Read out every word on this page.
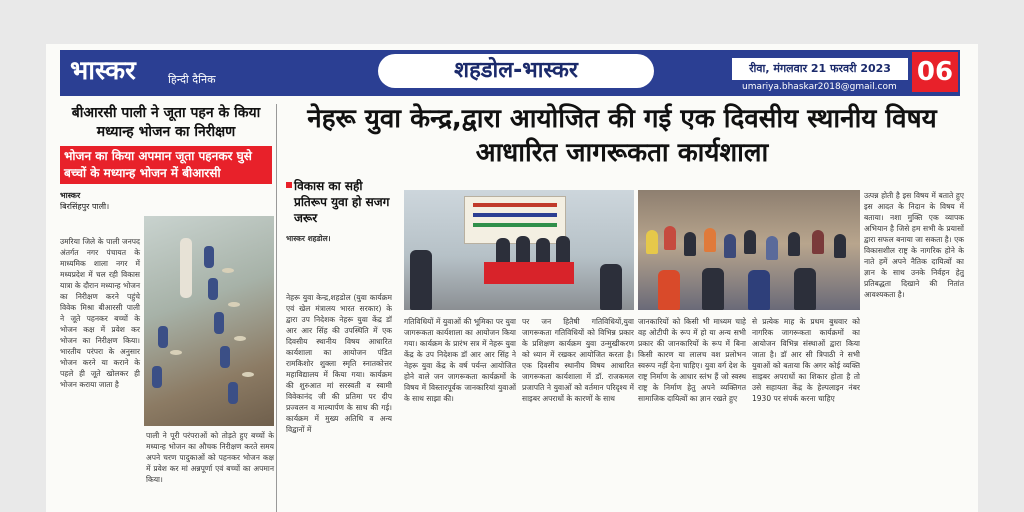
भास्कर	हिन्दी दैनिक	शहडोल-भास्कर	रीवा, मंगलवार 21 फरवरी 2023
umariya.bhaskar2018@gmail.com 06
बीआरसी पाली ने जूता पहन के किया मध्यान्ह भोजन का निरीक्षण
भोजन का किया अपमान जूता पहनकर घुसे बच्चों के मध्यान्ह भोजन में बीआरसी
भास्कर
बिरसिंहपुर पाली।
उमरिया जिले के पाली जनपद अंतर्गत नगर पंचायत के माध्यमिक शाला नगर में मध्यप्रदेश में चल रही विकास यात्रा के दौरान मध्यान्ह भोजन का निरीक्षण करने पहुंचे विवेक मिश्रा बीआरसी पाली ने जूते पहनकर बच्चों के भोजन कक्ष में प्रवेश कर भोजन का निरीक्षण किया। भारतीय परंपरा के अनुसार भोजन करने या कराने के पहले ही जूते खोलकर ही भोजन कराया जाता है
पाली ने पूरी परंपराओं को तोड़ते हुए बच्चों के मध्यान्ह भोजन का औचक निरीक्षण करते समय अपने चरण पादुकाओं को पहनकर भोजन कक्ष में प्रवेश कर मां अन्नपूर्णा एवं बच्चों का अपमान किया।
नेहरू युवा केन्द्र,द्वारा आयोजित की गई एक दिवसीय स्थानीय विषय आधारित जागरूकता कार्यशाला
विकास का सही प्रतिरूप युवा हो सजग जरूर
भास्कर शहडोल।
नेहरू युवा केन्द्र,शहडोल (युवा कार्यक्रम एवं खेल मंत्रालय भारत सरकार) के द्वारा उप निदेशक नेहरू युवा केंद्र डॉ आर आर सिंह की उपस्थिति में एक दिवसीय स्थानीय विषय आधारित कार्यशाला का आयोजन पंडित रामकिशोर शुक्ला स्मृति स्नातकोत्तर महाविद्यालय में किया गया। कार्यक्रम की शुरुआत मां सरस्वती व स्वामी विवेकानंद जी की प्रतिमा पर दीप प्रज्वलन व माल्यार्पण के साथ की गई। कार्यक्रम में मुख्य अतिथि व अन्य विद्वानों में
उत्पन्न होती है इस विषय में बताते हुए इस आदत के निदान के विषय में बताया। नशा मुक्ति एक व्यापक अभियान है जिसे हम सभी के प्रयासों द्वारा सफल बनाया जा सकता है। एक विकासशील राष्ट्र के नागरिक होने के नाते हमें अपने नैतिक दायित्वों का ज्ञान के साथ उनके निर्वहन हेतु प्रतिबद्धता दिखाने की नितांत आवश्यकता है।
गतिविधियों में युवाओं की भूमिका पर युवा जागरूकता कार्यशाला का आयोजन किया गया। कार्यक्रम के प्रारंभ सत्र में नेहरू युवा केंद्र के उप निदेशक डॉ आर आर सिंह ने नेहरू युवा केंद्र के वर्ष पर्यन्त आयोजित होने वाले जन जागरूकता कार्यक्रमों के विषय में विस्तारपूर्वक जानकारियां युवाओं के साथ साझा की।
पर जन हितैषी गतिविधियों,युवा जागरूकता गतिविधियों को विभिन्न प्रकार के प्रशिक्षण कार्यक्रम युवा उन्मुखीकरण को ध्यान में रखकर आयोजित करता है। एक दिवसीय स्थानीय विषय आधारित जागरूकता कार्यशाला में डॉ. राजकमल प्रजापति ने युवाओं को वर्तमान परिदृश्य में साइबर अपराधों के कारणों के साथ
जानकारियों को किसी भी माध्यम चाहे वह ओटीपी के रूप में हो या अन्य सभी प्रकार की जानकारियों के रूप में बिना किसी कारण या लालच वश प्रलोभन स्वरूप नहीं देना चाहिए। युवा वर्ग देश के राष्ट्र निर्माण के आधार स्तंभ हैं जो स्वस्थ राष्ट्र के निर्माण हेतु अपने व्यक्तिगत सामाजिक दायित्वों का ज्ञान रखते हुए
से प्रत्येक माह के प्रथम बुधवार को नागरिक जागरूकता कार्यक्रमों का आयोजन विभिन्न संस्थाओं द्वारा किया जाता है। डॉ आर सी त्रिपाठी ने सभी युवाओं को बताया कि अगर कोई व्यक्ति साइबर अपराधों का शिकार होता है तो उसे सहायता केंद्र के हेल्पलाइन नंबर 1930 पर संपर्क करना चाहिए
